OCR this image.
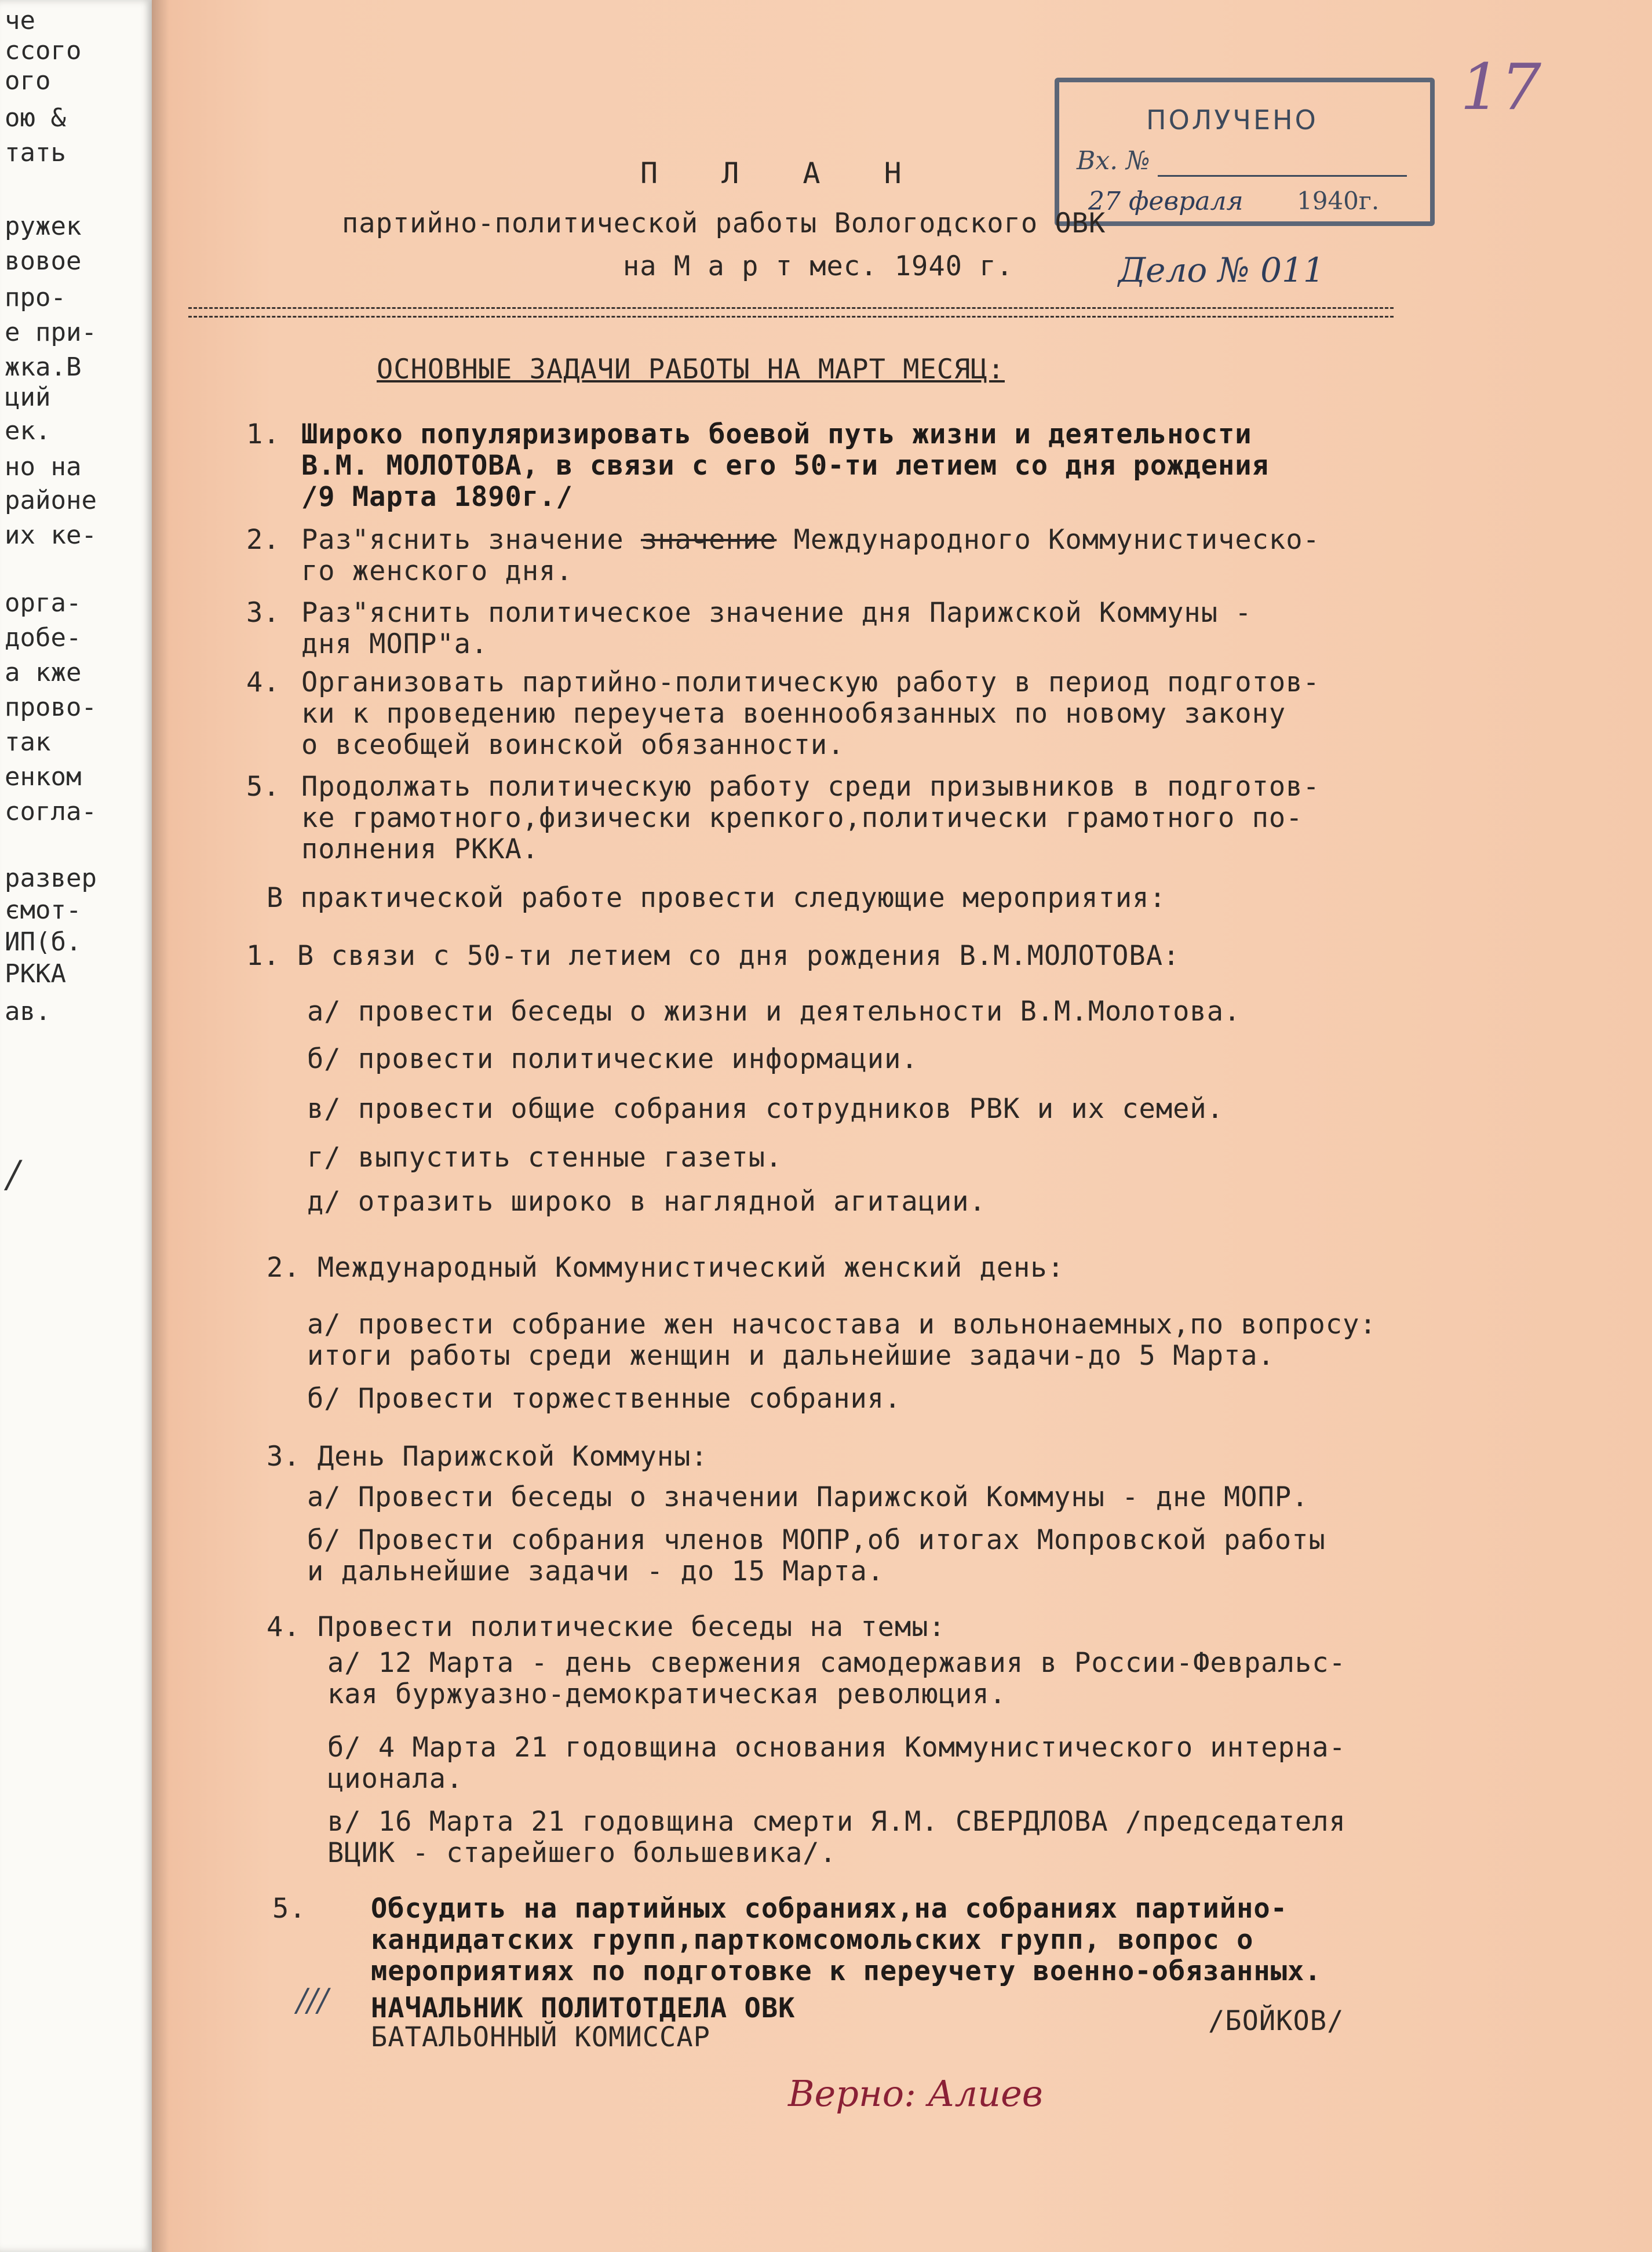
чe
сcого
ого
ою &
тать
ружек
вовое
про-
е при-
жка.В
ций
ек.
но на
районе
их ке-
орга-
добе-
а кже
прово-
так
енком
согла-
развер
ємот-
ИП(б.
РККА
ав.
/
17
ПОЛУЧЕНО
Вх. №
27 февраля 1940г.
П Л А Н
партийно-политической работы Вологодского ОВК
на М а р т мес. 1940 г.	Дело № 011
ОСНОВНЫЕ ЗАДАЧИ РАБОТЫ НА МАРТ МЕСЯЦ:
1. Широко популяризировать боевой путь жизни и деятельности
В.М. МОЛОТОВА, в связи с его 50-ти летием со дня рождения
/9 Марта 1890г./
2. Раз"яснить значение значение Международного Коммунистическо-
го женского дня.
3. Раз"яснить политическое значение дня Парижской Коммуны -
дня МОПР"а.
4. Организовать партийно-политическую работу в период подготов-
ки к проведению переучета военнообязанных по новому закону
о всеобщей воинской обязанности.
5. Продолжать политическую работу среди призывников в подготов-
ке грамотного,физически крепкого,политически грамотного по-
полнения РККА.
В практической работе провести следующие мероприятия:
1. В связи с 50-ти летием со дня рождения В.М.МОЛОТОВА:
а/ провести беседы о жизни и деятельности В.М.Молотова.
б/ провести политические информации.
в/ провести общие собрания сотрудников РВК и их семей.
г/ выпустить стенные газеты.
д/ отразить широко в наглядной агитации.
2. Международный Коммунистический женский день:
а/ провести собрание жен начсостава и вольнонаемных,по вопросу:
итоги работы среди женщин и дальнейшие задачи-до 5 Марта.
б/ Провести торжественные собрания.
3. День Парижской Коммуны:
а/ Провести беседы о значении Парижской Коммуны - дне МОПР.
б/ Провести собрания членов МОПР,об итогах Мопровской работы
и дальнейшие задачи - до 15 Марта.
4. Провести политические беседы на темы:
а/ 12 Марта - день свержения самодержавия в России-Февральс-
кая буржуазно-демократическая революция.
б/ 4 Марта 21 годовщина основания Коммунистического интерна-
ционала.
в/ 16 Марта 21 годовщина смерти Я.М. СВЕРДЛОВА /председателя
ВЦИК - старейшего большевика/.
5. Обсудить на партийных собраниях,на собраниях партийно-
кандидатских групп,парткомсомольских групп, вопрос о
мероприятиях по подготовке к переучету военно-обязанных.
/// НАЧАЛЬНИК ПОЛИТОТДЕЛА ОВК
БАТАЛЬОННЫЙ КОМИССАР
/БОЙКОВ/
Верно: Алиев
